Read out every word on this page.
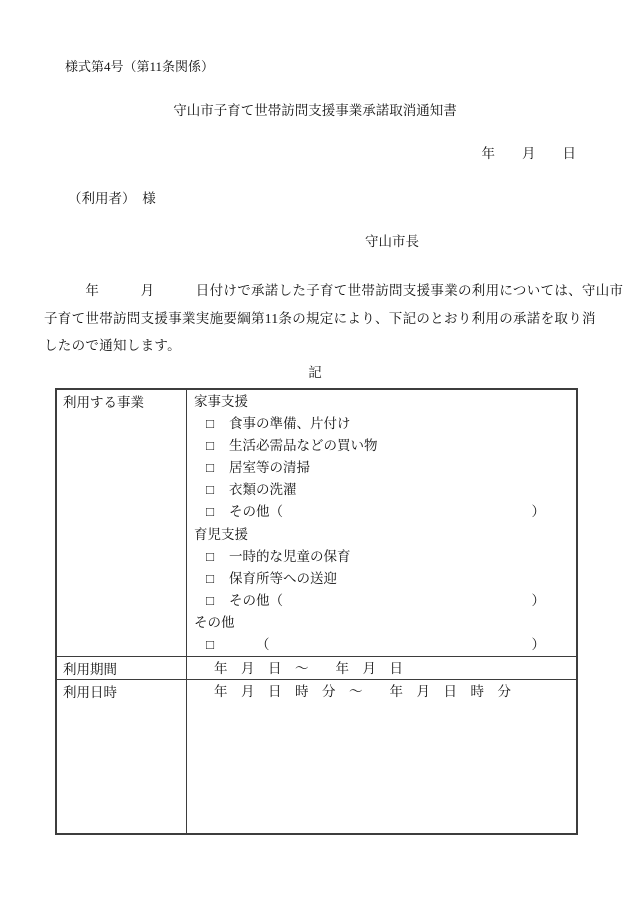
様式第4号（第11条関係）
守山市子育て世帯訪問支援事業承諾取消通知書
年　　月　　日
（利用者）　様
守山市長
　　　年　　　月　　　日付けで承諾した子育て世帯訪問支援事業の利用については、守山市
子育て世帯訪問支援事業実施要綱第11条の規定により、下記のとおり利用の承諾を取り消
したので通知します。
記
利用する事業	家事支援
□	食事の準備、片付け
□	生活必需品などの買い物
□	居室等の清掃
□	衣類の洗濯
□	その他（	）
育児支援
□	一時的な児童の保育
□	保育所等への送迎
□	その他（	）
その他
□	（	）
利用期間	年　月　日　～　　年　月　日
利用日時	年　月　日　時　分　～　　年　月　日　時　分
